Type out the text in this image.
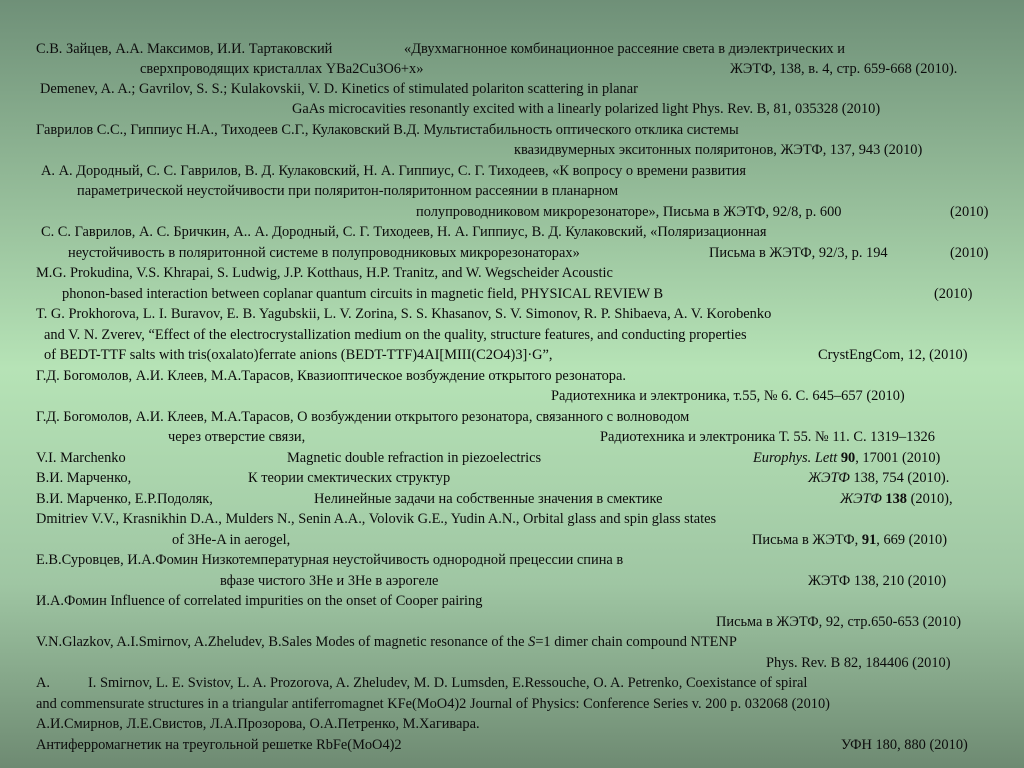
С.В. Зайцев, А.А. Максимов, И.И. Тартаковский	«Двухмагнонное комбинационное рассеяние света в диэлектрических и
сверхпроводящих кристаллах YBa2Cu3O6+x»	ЖЭТФ, 138, в. 4, стр. 659-668 (2010).
Demenev, A. A.; Gavrilov, S. S.; Kulakovskii, V. D. Kinetics of stimulated polariton scattering in planar
GaAs microcavities resonantly excited with a linearly polarized light Phys. Rev. B, 81, 035328 (2010)
Гаврилов С.С., Гиппиус Н.А., Тиходеев С.Г., Кулаковский В.Д. Мультистабильность оптического отклика системы
квазидвумерных экситонных поляритонов, ЖЭТФ, 137, 943 (2010)
А. А. Дородный, С. С. Гаврилов, В. Д. Кулаковский, Н. А. Гиппиус, С. Г. Тиходеев, «К вопросу о времени развития
параметрической неустойчивости при поляритон-поляритонном рассеянии в планарном
полупроводниковом микрорезонаторе», Письма в ЖЭТФ, 92/8, p. 600	(2010)
С. С. Гаврилов, А. С. Бричкин, А.. А. Дородный, С. Г. Тиходеев, Н. А. Гиппиус, В. Д. Кулаковский, «Поляризационная
неустойчивость в поляритонной системе в полупроводниковых микрорезонаторах»	Письма в ЖЭТФ, 92/3, p. 194	(2010)
M.G. Prokudina, V.S. Khrapai, S. Ludwig, J.P. Kotthaus, H.P. Tranitz, and W. Wegscheider Acoustic
phonon-based interaction between coplanar quantum circuits in magnetic field, PHYSICAL REVIEW B	(2010)
T. G. Prokhorova, L. I. Buravov, E. B. Yagubskii, L. V. Zorina, S. S. Khasanov, S. V. Simonov, R. P. Shibaeva, A. V. Korobenko
and V. N. Zverev, “Effect of the electrocrystallization medium on the quality, structure features, and conducting properties
of BEDT-TTF salts with tris(oxalato)ferrate anions (BEDT-TTF)4AI[MIII(C2O4)3]·G”,	CrystEngCom, 12, (2010)
Г.Д. Богомолов, А.И. Клеев, М.А.Тарасов, Квазиоптическое возбуждение открытого резонатора.
Радиотехника и электроника, т.55, № 6. С. 645–657 (2010)
Г.Д. Богомолов, А.И. Клеев, М.А.Тарасов, О возбуждении открытого резонатора, связанного с волноводом
через отверстие связи,	Радиотехника и электроника Т. 55. № 11. С. 1319–1326
V.I. Marchenko	Magnetic double refraction in piezoelectrics	Europhys. Lett 90, 17001 (2010)
В.И. Марченко,	К теории смектических структур	ЖЭТФ 138, 754 (2010).
В.И. Марченко, Е.Р.Подоляк,	Нелинейные задачи на собственные значения в смектике	ЖЭТФ 138 (2010),
Dmitriev V.V., Krasnikhin D.A., Mulders N., Senin A.A., Volovik G.E., Yudin A.N., Orbital glass and spin glass states
of 3He-A in aerogel,	Письма в ЖЭТФ, 91, 669 (2010)
Е.В.Суровцев, И.А.Фомин Низкотемпературная неустойчивость однородной прецессии спина в
вфазе чистого 3He и 3He в аэрогеле	ЖЭТФ 138, 210 (2010)
И.А.Фомин Influence of correlated impurities on the onset of Cooper pairing
Письма в ЖЭТФ, 92, стр.650-653 (2010)
V.N.Glazkov, A.I.Smirnov, A.Zheludev, B.Sales Modes of magnetic resonance of the S=1 dimer chain compound NTENP
Phys. Rev. B 82, 184406 (2010)
A.	I. Smirnov, L. E. Svistov, L. A. Prozorova, A. Zheludev, M. D. Lumsden, E.Ressouche, O. A. Petrenko, Coexistance of spiral
and commensurate structures in a triangular antiferromagnet KFe(MoO4)2 Journal of Physics: Conference Series v. 200 p. 032068 (2010)
А.И.Смирнов, Л.Е.Свистов, Л.А.Прозорова, О.А.Петренко, М.Хагивара.
Антиферромагнетик на треугольной решетке RbFe(MoO4)2	УФН 180, 880 (2010)
